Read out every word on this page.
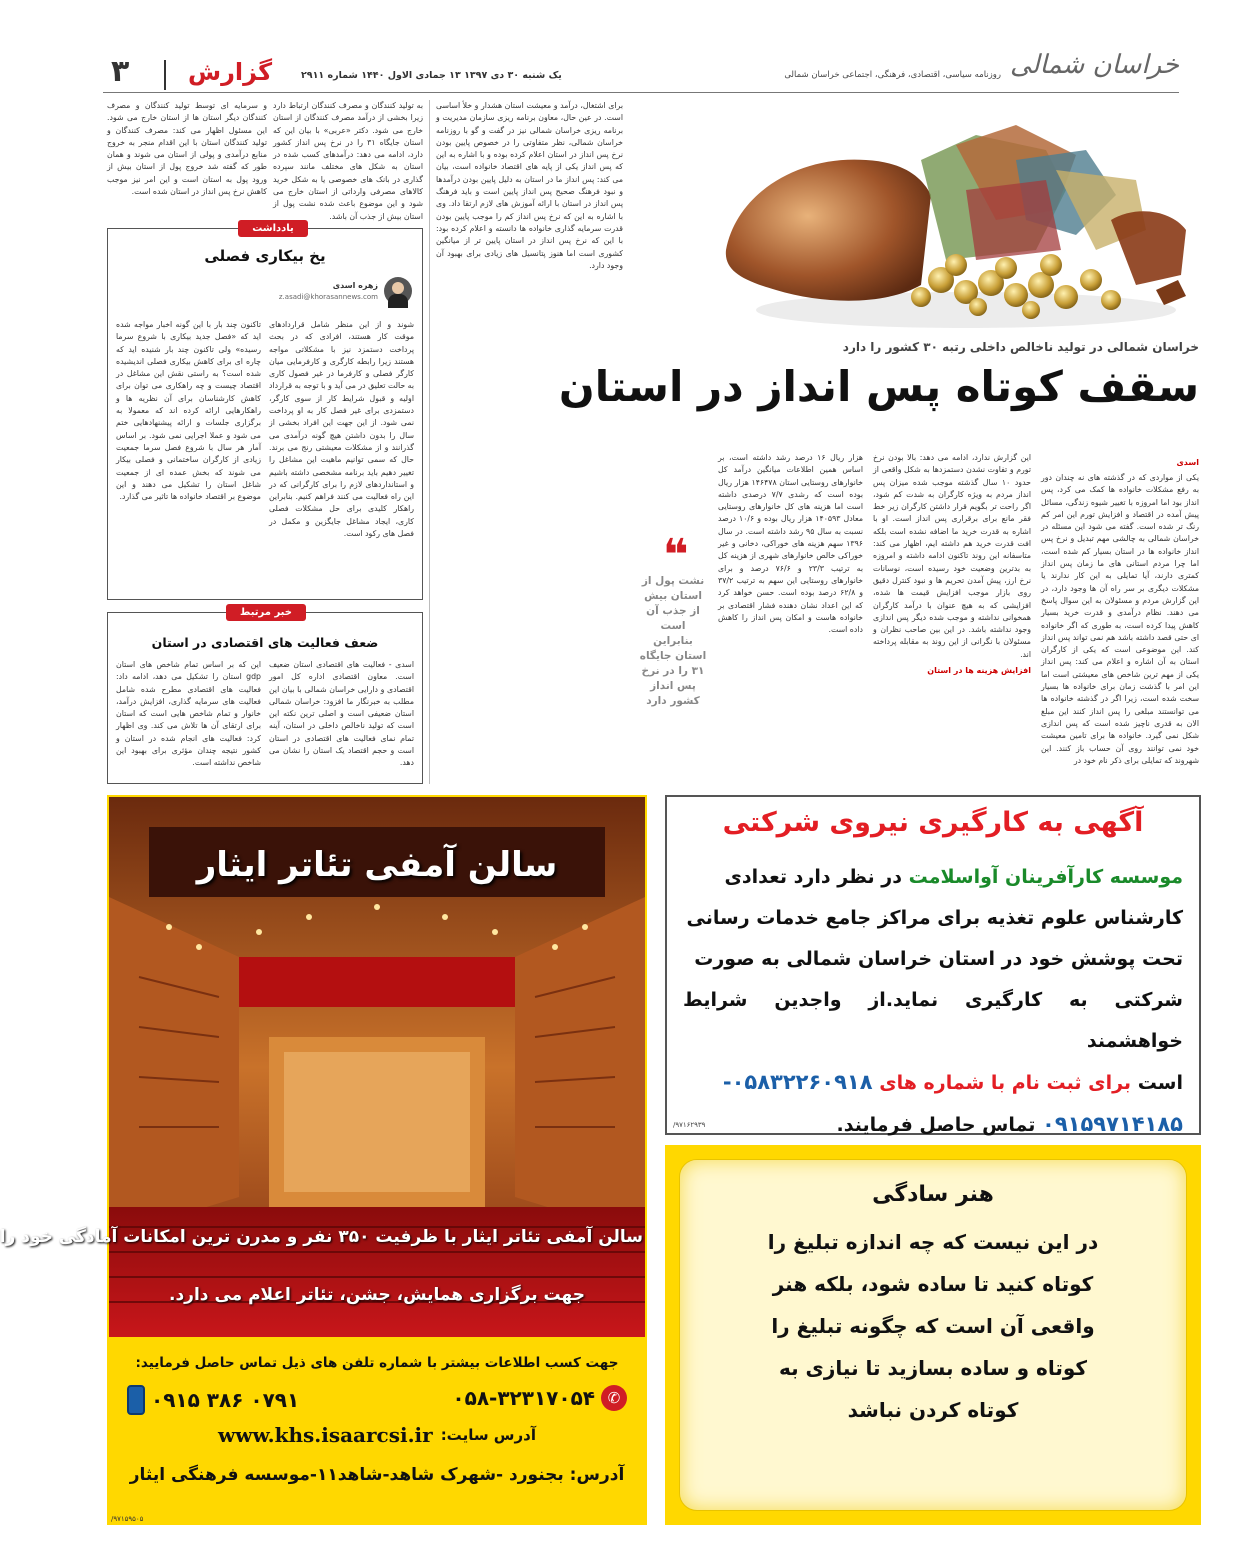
خراسان شمالی
روزنامه سیاسی، اقتصادی، فرهنگی، اجتماعی خراسان شمالی
یک شنبه ۳۰ دی ۱۳۹۷ ۱۳ جمادی الاول ۱۴۴۰ شماره ۲۹۱۱
گزارش
۳
خراسان شمالی در تولید ناخالص داخلی رتبه ۳۰ کشور را دارد
سقف کوتاه پس انداز در استان
اسدی

یکی از مواردی که در گذشته های نه چندان دور به رفع مشکلات خانواده ها کمک می کرد، پس انداز بود اما امروزه با تغییر شیوه زندگی، مسائل پیش آمده در اقتصاد و افزایش تورم این امر کم رنگ تر شده است. گفته می شود این مسئله در خراسان شمالی به چالشی مهم تبدیل و نرخ پس انداز خانواده ها در استان بسیار کم شده است، اما چرا مردم استانی های ما زمان پس انداز کمتری دارند، آیا تمایلی به این کار ندارند یا مشکلات دیگری بر سر راه آن ها وجود دارد، در این گزارش مردم و مسئولان به این سوال پاسخ می دهند. نظام درآمدی و قدرت خرید بسیار کاهش پیدا کرده است، به طوری که اگر خانواده ای حتی قصد داشته باشد هم نمی تواند پس انداز کند. این موضوعی است که یکی از کارگران استان به آن اشاره و اعلام می کند: پس انداز یکی از مهم ترین شاخص های معیشتی است اما این امر با گذشت زمان برای خانواده ها بسیار سخت شده است، زیرا اگر در گذشته خانواده ها می توانستند مبلغی را پس انداز کنند این مبلغ الان به قدری ناچیز شده است که پس اندازی شکل نمی گیرد. خانواده ها برای تامین معیشت خود نمی توانند روی آن حساب باز کنند. این شهروند که تمایلی برای ذکر نام خود در

این گزارش ندارد، ادامه می دهد: بالا بودن نرخ تورم و تفاوت نشدن دستمزدها به شکل واقعی از حدود ۱۰ سال گذشته موجب شده میزان پس انداز مردم به ویژه کارگران به شدت کم شود، اگر راحت تر بگویم قرار داشتن کارگران زیر خط فقر مانع برای برقراری پس انداز است. او با اشاره به قدرت خرید ما اضافه نشده است بلکه افت قدرت خرید هم داشته ایم، اظهار می کند: متاسفانه این روند تاکنون ادامه داشته و امروزه به بدترین وضعیت خود رسیده است، نوسانات نرخ ارز، پیش آمدن تحریم ها و نبود کنترل دقیق روی بازار موجب افزایش قیمت ها شده، افزایشی که به هیچ عنوان با درآمد کارگران همخوانی نداشته و موجب شده دیگر پس اندازی وجود نداشته باشد. در این بین صاحب نظران و مسئولان با نگرانی از این روند به مقابله پرداخته اند.

افزایش هزینه ها در استان

هزار ریال ۱۶ درصد رشد داشته است، بر اساس همین اطلاعات میانگین درآمد کل خانوارهای روستایی استان ۱۴۶۴۷۸ هزار ریال بوده است که رشدی ۷/۷ درصدی داشته است اما هزینه های کل خانوارهای روستایی معادل ۱۴۰۵۹۳ هزار ریال بوده و ۱۰/۶ درصد نسبت به سال ۹۵ رشد داشته است. در سال ۱۳۹۶ سهم هزینه های خوراکی، دخانی و غیر خوراکی خالص خانوارهای شهری از هزینه کل به ترتیب ۲۳/۳ و ۷۶/۶ درصد و برای خانوارهای روستایی این سهم به ترتیب ۳۷/۲ و ۶۲/۸ درصد بوده است. حسن خواهد کرد که این اعداد نشان دهنده فشار اقتصادی بر خانواده هاست و امکان پس انداز را کاهش داده است.

❝
نشت پول از استان بیش از جذب آن است بنابراین استان جایگاه ۳۱ را در نرخ پس انداز کشور دارد

برای اشتغال، درآمد و معیشت استان هشدار و خلأ اساسی است. در عین حال، معاون برنامه ریزی سازمان مدیریت و برنامه ریزی خراسان شمالی نیز در گفت و گو با روزنامه خراسان شمالی، نظر متفاوتی را در خصوص پایین بودن نرخ پس انداز در استان اعلام کرده بوده و با اشاره به این که پس انداز یکی از پایه های اقتصاد خانواده است، بیان می کند: پس انداز ما در استان به دلیل پایین بودن درآمدها و نبود فرهنگ صحیح پس انداز پایین است و باید فرهنگ پس انداز در استان با ارائه آموزش های لازم ارتقا داد. وی با اشاره به این که نرخ پس انداز کم را موجب پایین بودن قدرت سرمایه گذاری خانواده ها دانسته و اعلام کرده بود: با این که نرخ پس انداز در استان پایین تر از میانگین کشوری است اما هنوز پتانسیل های زیادی برای بهبود آن وجود دارد.

به تولید کنندگان و مصرف کنندگان ارتباط دارد زیرا بخشی از درآمد مصرف کنندگان از استان خارج می شود. دکتر «عربی» با بیان این که استان جایگاه ۳۱ را در نرخ پس انداز کشور دارد، ادامه می دهد: درآمدهای کسب شده در استان به شکل های مختلف مانند سپرده گذاری در بانک های خصوصی یا به شکل خرید کالاهای مصرفی وارداتی از استان خارج می شود و این موضوع باعث شده نشت پول از استان بیش از جذب آن باشد.

و سرمایه ای توسط تولید کنندگان و مصرف کنندگان دیگر استان ها از استان خارج می شود. این مسئول اظهار می کند: مصرف کنندگان و تولید کنندگان استان با این اقدام منجر به خروج منابع درآمدی و پولی از استان می شوند و همان طور که گفته شد خروج پول از استان بیش از ورود پول به استان است و این امر نیز موجب کاهش نرخ پس انداز در استان شده است.

یادداشت
یخ بیکاری فصلی
زهره اسدی
z.asadi@khorasannews.com

تاکنون چند بار با این گونه اخبار مواجه شده اید که «فصل جدید بیکاری با شروع سرما رسیده» ولی تاکنون چند بار شنیده اید که چاره ای برای کاهش بیکاری فصلی اندیشیده شده است؟ به راستی نقش این مشاغل در اقتصاد چیست و چه راهکاری می توان برای کاهش کارشناسان برای آن نظریه ها و راهکارهایی ارائه کرده اند که معمولا به برگزاری جلسات و ارائه پیشنهادهایی ختم می شود و عملا اجرایی نمی شود. بر اساس آمار هر سال با شروع فصل سرما جمعیت زیادی از کارگران ساختمانی و فصلی بیکار می شوند که بخش عمده ای از جمعیت شاغل استان را تشکیل می دهند و این موضوع بر اقتصاد خانواده ها تاثیر می گذارد.

شوند و از این منظر شامل قراردادهای موقت کار هستند، افرادی که در بحث پرداخت دستمزد نیز با مشکلاتی مواجه هستند زیرا رابطه کارگری و کارفرمایی میان کارگر فصلی و کارفرما در غیر فصول کاری به حالت تعلیق در می آید و با توجه به قرارداد اولیه و قبول شرایط کار از سوی کارگر، دستمزدی برای غیر فصل کار به او پرداخت نمی شود. از این جهت این افراد بخشی از سال را بدون داشتن هیچ گونه درآمدی می گذرانند و از مشکلات معیشتی رنج می برند. حال که سمی توانیم ماهیت این مشاغل را تغییر دهیم باید برنامه مشخصی داشته باشیم و استانداردهای لازم را برای کارگرانی که در این راه فعالیت می کنند فراهم کنیم. بنابراین راهکار کلیدی برای حل مشکلات فصلی کاری، ایجاد مشاغل جایگزین و مکمل در فصل های رکود است.

خبر مرتبط
ضعف فعالیت های اقتصادی در استان

اسدی - فعالیت های اقتصادی استان ضعیف است. معاون اقتصادی اداره کل امور اقتصادی و دارایی خراسان شمالی با بیان این مطلب به خبرنگار ما افزود: خراسان شمالی استان ضعیفی است و اصلی ترین نکته این است که تولید ناخالص داخلی در استان، آینه تمام نمای فعالیت های اقتصادی در استان است و حجم اقتصاد یک استان را نشان می دهد.

این که بر اساس تمام شاخص های استان gdp استان را تشکیل می دهد، ادامه داد: فعالیت های اقتصادی مطرح شده شامل فعالیت های سرمایه گذاری، افزایش درآمد، خانوار و تمام شاخص هایی است که استان برای ارتقای آن ها تلاش می کند. وی اظهار کرد: فعالیت های انجام شده در استان و کشور نتیجه چندان مؤثری برای بهبود این شاخص نداشته است.

سالن آمفی تئاتر ایثار
سالن آمفی تئاتر ایثار با ظرفیت ۳۵۰ نفر و مدرن ترین امکانات آمادگی خود را
جهت برگزاری همایش، جشن، تئاتر اعلام می دارد.
جهت کسب اطلاعات بیشتر با شماره تلفن های ذیل تماس حاصل فرمایید:
✆
۰۵۸-۳۲۳۱۷۰۵۴
۰۹۱۵ ۳۸۶ ۰۷۹۱
آدرس سایت:
www.khs.isaarcsi.ir
آدرس: بجنورد -شهرک شاهد-شاهد۱۱-موسسه فرهنگی ایثار
۹۷۱۵۹۵۰۵/
آگهی به کارگیری نیروی شرکتی
موسسه کارآفرینان آواسلامت در نظر دارد تعدادی
کارشناس علوم تغذیه برای مراکز جامع خدمات رسانی
تحت پوشش خود در استان خراسان شمالی به صورت
شرکتی به کارگیری نماید.از واجدین شرایط خواهشمند
است برای ثبت نام با شماره های ۰۵۸۳۲۲۶۰۹۱۸-
۰۹۱۵۹۷۱۴۱۸۵ تماس حاصل فرمایند.
۹۷۱۶۲۹۳۹/
هنر سادگی
در این نیست که چه اندازه تبلیغ را
کوتاه کنید تا ساده شود، بلکه هنر
واقعی آن است که چگونه تبلیغ را
کوتاه و ساده بسازید تا نیازی به
کوتاه کردن نباشد
